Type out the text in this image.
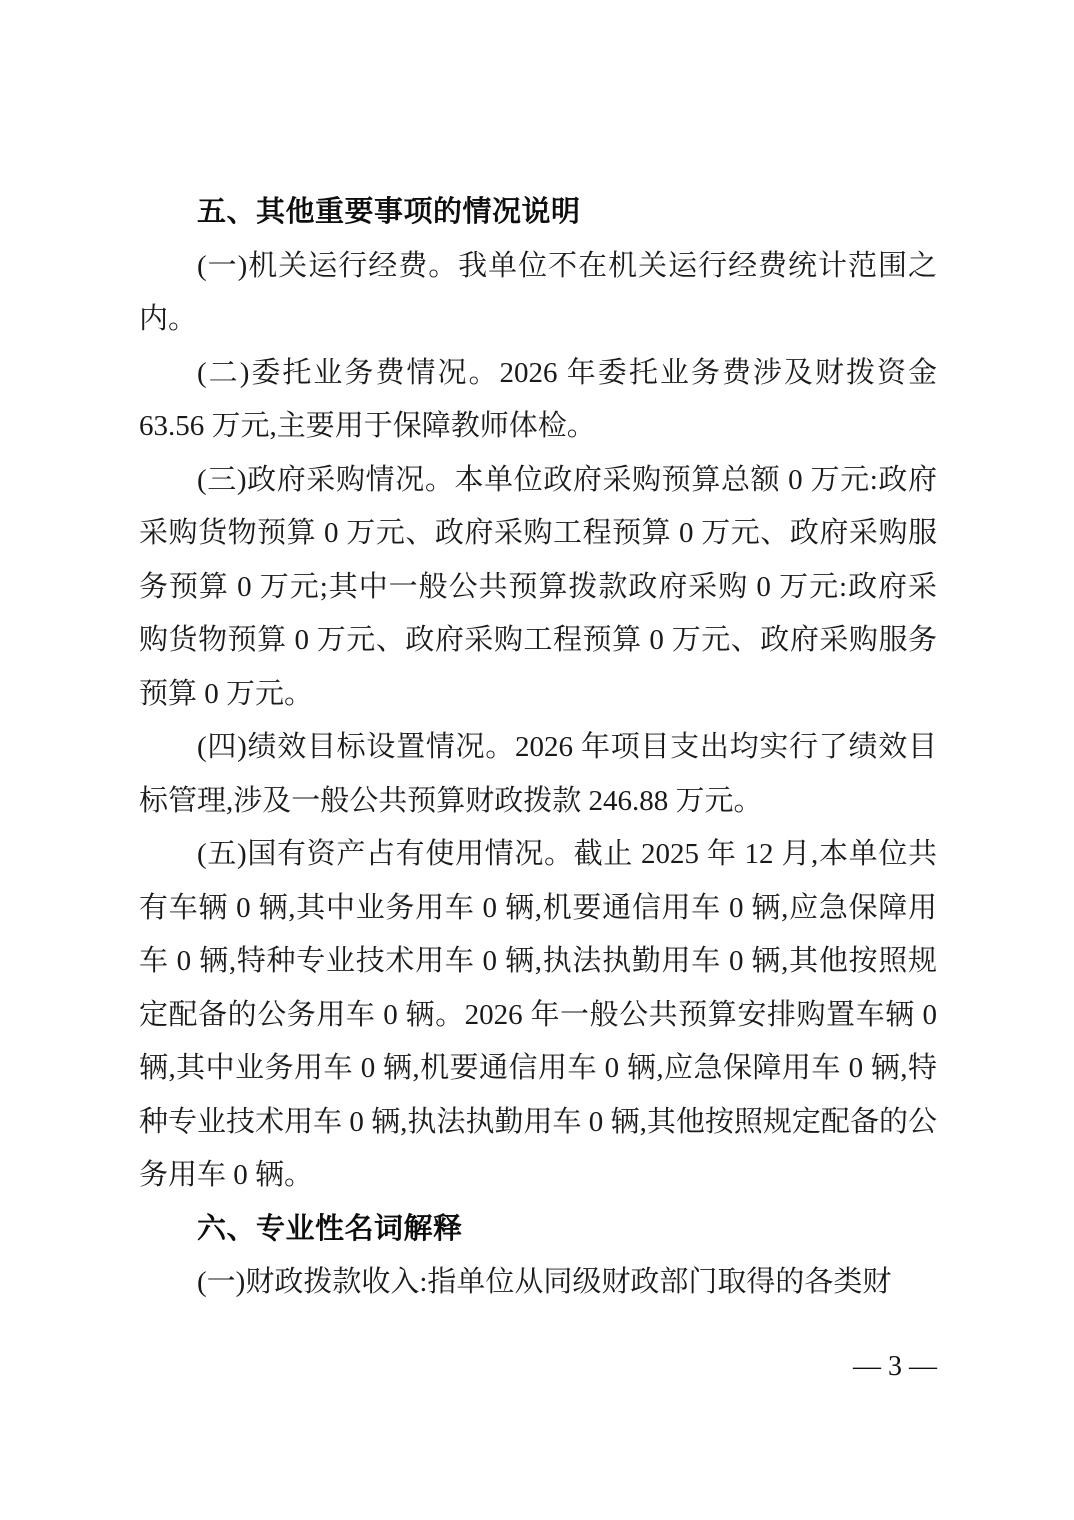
五、其他重要事项的情况说明

(一)机关运行经费。我单位不在机关运行经费统计范围之内。

(二)委托业务费情况。2026 年委托业务费涉及财拨资金 63.56 万元,主要用于保障教师体检。

(三)政府采购情况。本单位政府采购预算总额 0 万元:政府采购货物预算 0 万元、政府采购工程预算 0 万元、政府采购服务预算 0 万元;其中一般公共预算拨款政府采购 0 万元:政府采购货物预算 0 万元、政府采购工程预算 0 万元、政府采购服务预算 0 万元。

(四)绩效目标设置情况。2026 年项目支出均实行了绩效目标管理,涉及一般公共预算财政拨款 246.88 万元。

(五)国有资产占有使用情况。截止 2025 年 12 月,本单位共有车辆 0 辆,其中业务用车 0 辆,机要通信用车 0 辆,应急保障用车 0 辆,特种专业技术用车 0 辆,执法执勤用车 0 辆,其他按照规定配备的公务用车 0 辆。2026 年一般公共预算安排购置车辆 0 辆,其中业务用车 0 辆,机要通信用车 0 辆,应急保障用车 0 辆,特种专业技术用车 0 辆,执法执勤用车 0 辆,其他按照规定配备的公务用车 0 辆。

六、专业性名词解释

(一)财政拨款收入:指单位从同级财政部门取得的各类财

— 3 —
